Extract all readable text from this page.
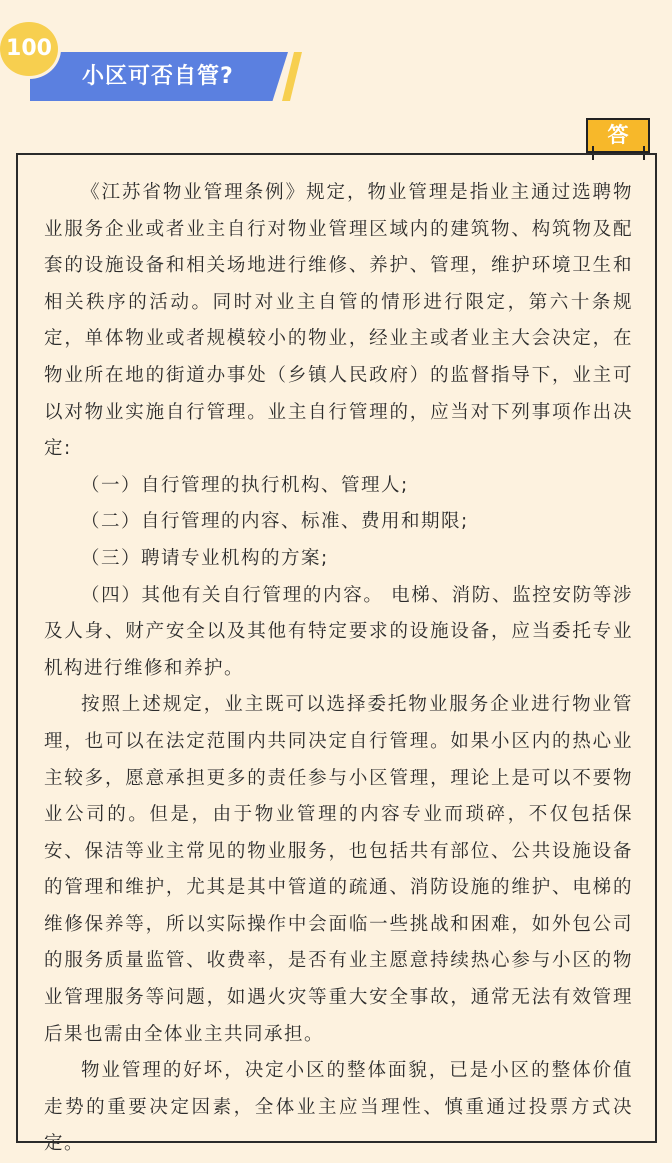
小区可否自管?
100
答

《江苏省物业管理条例》规定，物业管理是指业主通过选聘物业服务企业或者业主自行对物业管理区域内的建筑物、构筑物及配套的设施设备和相关场地进行维修、养护、管理，维护环境卫生和相关秩序的活动。同时对业主自管的情形进行限定，第六十条规定，单体物业或者规模较小的物业，经业主或者业主大会决定，在物业所在地的街道办事处（乡镇人民政府）的监督指导下，业主可以对物业实施自行管理。业主自行管理的，应当对下列事项作出决定:

（一）自行管理的执行机构、管理人;

（二）自行管理的内容、标准、费用和期限;

（三）聘请专业机构的方案;

（四）其他有关自行管理的内容。 电梯、消防、监控安防等涉及人身、财产安全以及其他有特定要求的设施设备，应当委托专业机构进行维修和养护。

按照上述规定，业主既可以选择委托物业服务企业进行物业管理，也可以在法定范围内共同决定自行管理。如果小区内的热心业主较多，愿意承担更多的责任参与小区管理，理论上是可以不要物业公司的。但是，由于物业管理的内容专业而琐碎，不仅包括保安、保洁等业主常见的物业服务，也包括共有部位、公共设施设备的管理和维护，尤其是其中管道的疏通、消防设施的维护、电梯的维修保养等，所以实际操作中会面临一些挑战和困难，如外包公司的服务质量监管、收费率，是否有业主愿意持续热心参与小区的物业管理服务等问题，如遇火灾等重大安全事故，通常无法有效管理后果也需由全体业主共同承担。

物业管理的好坏，决定小区的整体面貌，已是小区的整体价值走势的重要决定因素，全体业主应当理性、慎重通过投票方式决定。
